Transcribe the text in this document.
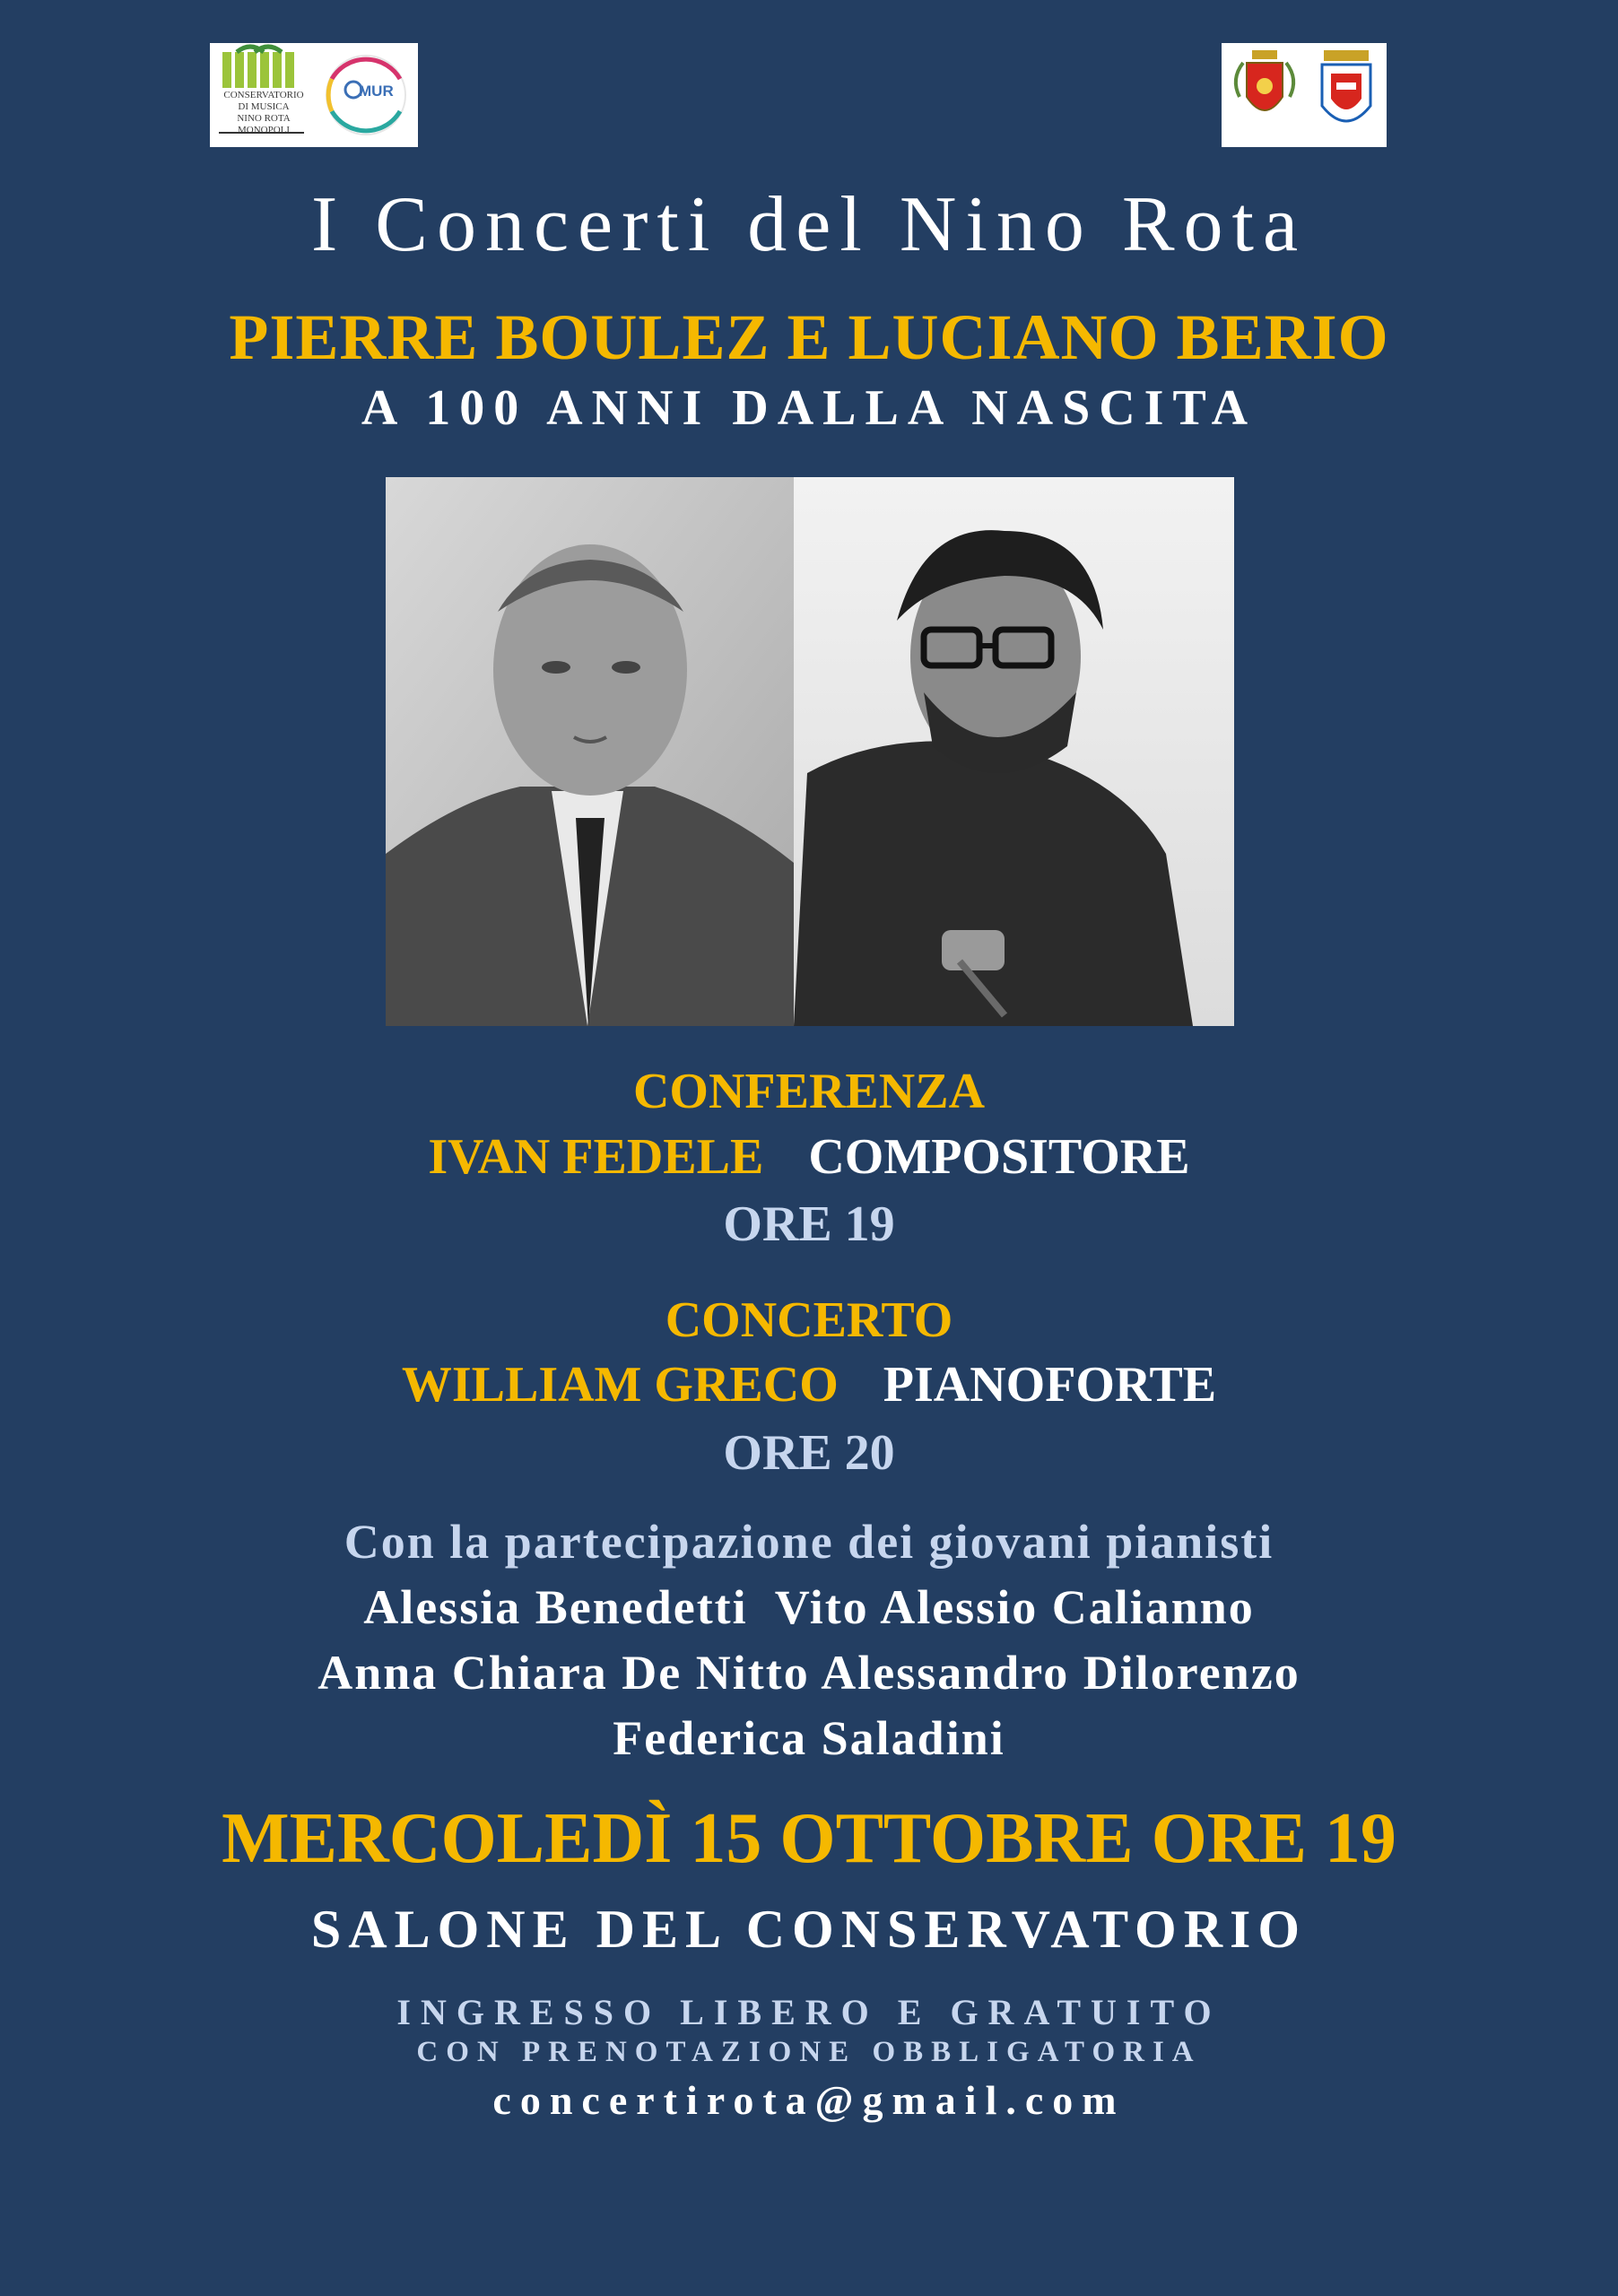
CONSERVATORIO
DI MUSICA
NINO ROTA
MONOPOLI
MUR
I Concerti del Nino Rota
PIERRE BOULEZ E LUCIANO BERIO
A 100 ANNI DALLA NASCITA
CONFERENZA
IVAN FEDELE COMPOSITORE
ORE 19
CONCERTO
WILLIAM GRECO PIANOFORTE
ORE 20
Con la partecipazione dei giovani pianisti
Alessia Benedetti  Vito Alessio Calianno
Anna Chiara De Nitto Alessandro Dilorenzo
Federica Saladini
MERCOLEDÌ 15 OTTOBRE ORE 19
SALONE DEL CONSERVATORIO
INGRESSO LIBERO E GRATUITO
CON PRENOTAZIONE OBBLIGATORIA
concertirota@gmail.com
